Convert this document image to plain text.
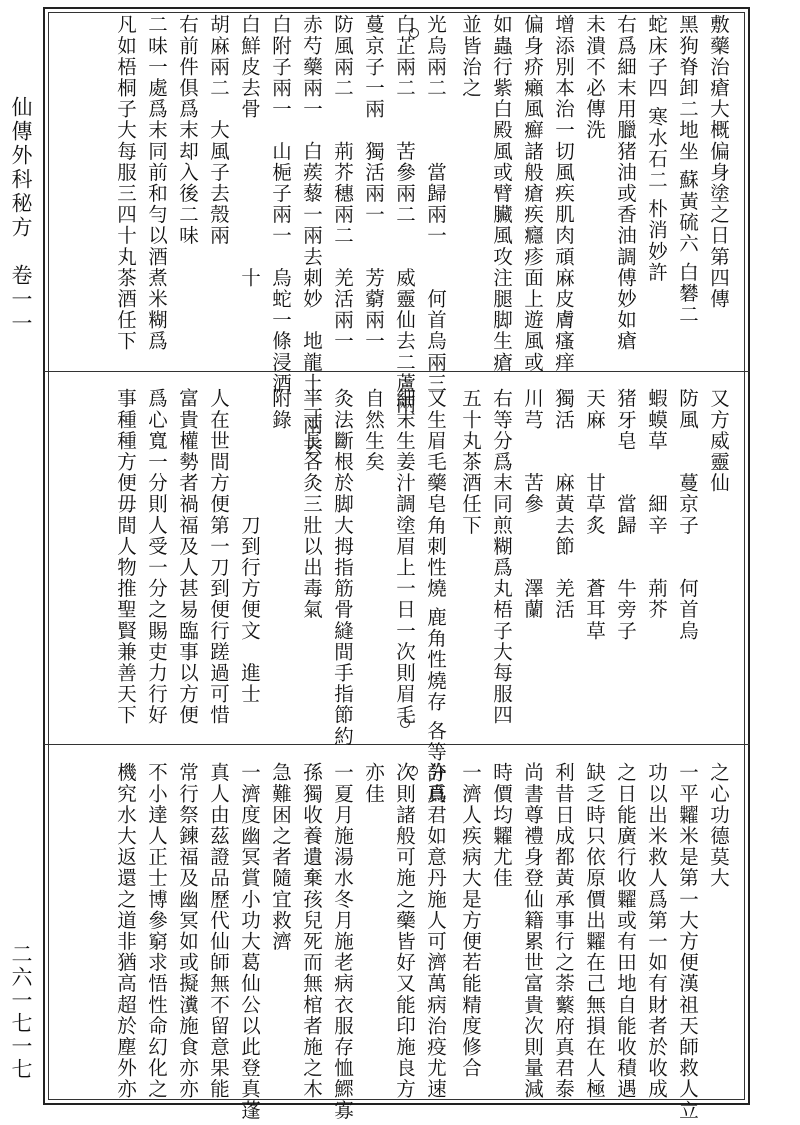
仙傳外科秘方　卷一一
二六一七一七
敷藥治瘡大概偏身塗之日第四傳
黑狗脊卸二地坐 蘇黃硫六 白礬二
蛇床子四 寒水石二 朴消妙許
右爲細末用臘猪油或香油調傅妙如瘡
未潰不必傳洗
增添別本治一切風疾肌肉頑麻皮膚瘙痒
偏身疥癩風癬諸般瘡疾癮疹面上遊風或
如蟲行紫白殿風或臂臟風攻注腿脚生瘡
並皆治之
光烏兩二　　　當歸兩一　　何首烏兩三
白芷兩二　　苦參兩二　　威靈仙去二蘆兩
蔓京子一兩　獨活兩一　　芳藭兩一
防風兩二　　荊芥穗兩二　羌活兩一
赤芍藥兩一　白蒺藜一兩去刺妙　地龍土二兩去
白附子兩一　山梔子兩一　烏蛇一條浸酒
白鮮皮去骨　　　　　　　十
胡麻兩二　大風子去殼兩
右前件俱爲末却入後二味
二味一處爲末同前和勻以酒煮米糊爲
凡如梧桐子大每服三四十丸茶酒任下
又方威靈仙
防風　　蔓京子　　何首烏
蝦蟆草　　細辛　　荊芥
猪牙皂　　當歸　　牛旁子
天麻　　甘草炙　　蒼耳草
獨活　　麻黃去節　羌活
川芎　　苦參　　　澤蘭
右等分爲末同煎糊爲丸梧子大每服四
五十丸茶酒任下
又生眉毛藥皂角刺性燒 鹿角性燒存 各等分爲
細末生姜汁調塗眉上一日一次則眉毛
自然生矣
灸法斷根於脚大拇指筋骨縫間手指節約
半寸長各灸三壯以出毒氣
附錄
　　　　　　刀到行方便文　進士
人在世間方便第一刀到便行蹉過可惜
富貴權勢者禍福及人甚易臨事以方便
爲心寬一分則人受一分之賜吏力行好
事種種方便毋間人物推聖賢兼善天下
之心功德莫大
一平糶米是第一大方便漢祖天師救人立
功以出米救人爲第一如有財者於收成
之日能廣行收糶或有田地自能收積遇
缺乏時只依原價出糶在己無損在人極
利昔日成都黃承事行之荼蘩府真君泰
尚書尊禮身登仙籍累世富貴次則量減
時價均糶尤佳
一濟人疾病大是方便若能精度修合
許真君如意丹施人可濟萬病治疫尤速
次則諸般可施之藥皆好又能印施良方
亦佳
一夏月施湯水冬月施老病衣服存恤鰥寡
孫獨收養遺棄孩兒死而無棺者施之木
急難困之者隨宜救濟
一濟度幽冥賞小功大葛仙公以此登真蓬
真人由茲證品歷代仙師無不留意果能
常行祭鍊福及幽冥如或擬瀵施食亦亦
不小達人正士博參窮求悟性命幻化之
機究水大返還之道非猶高超於塵外亦
